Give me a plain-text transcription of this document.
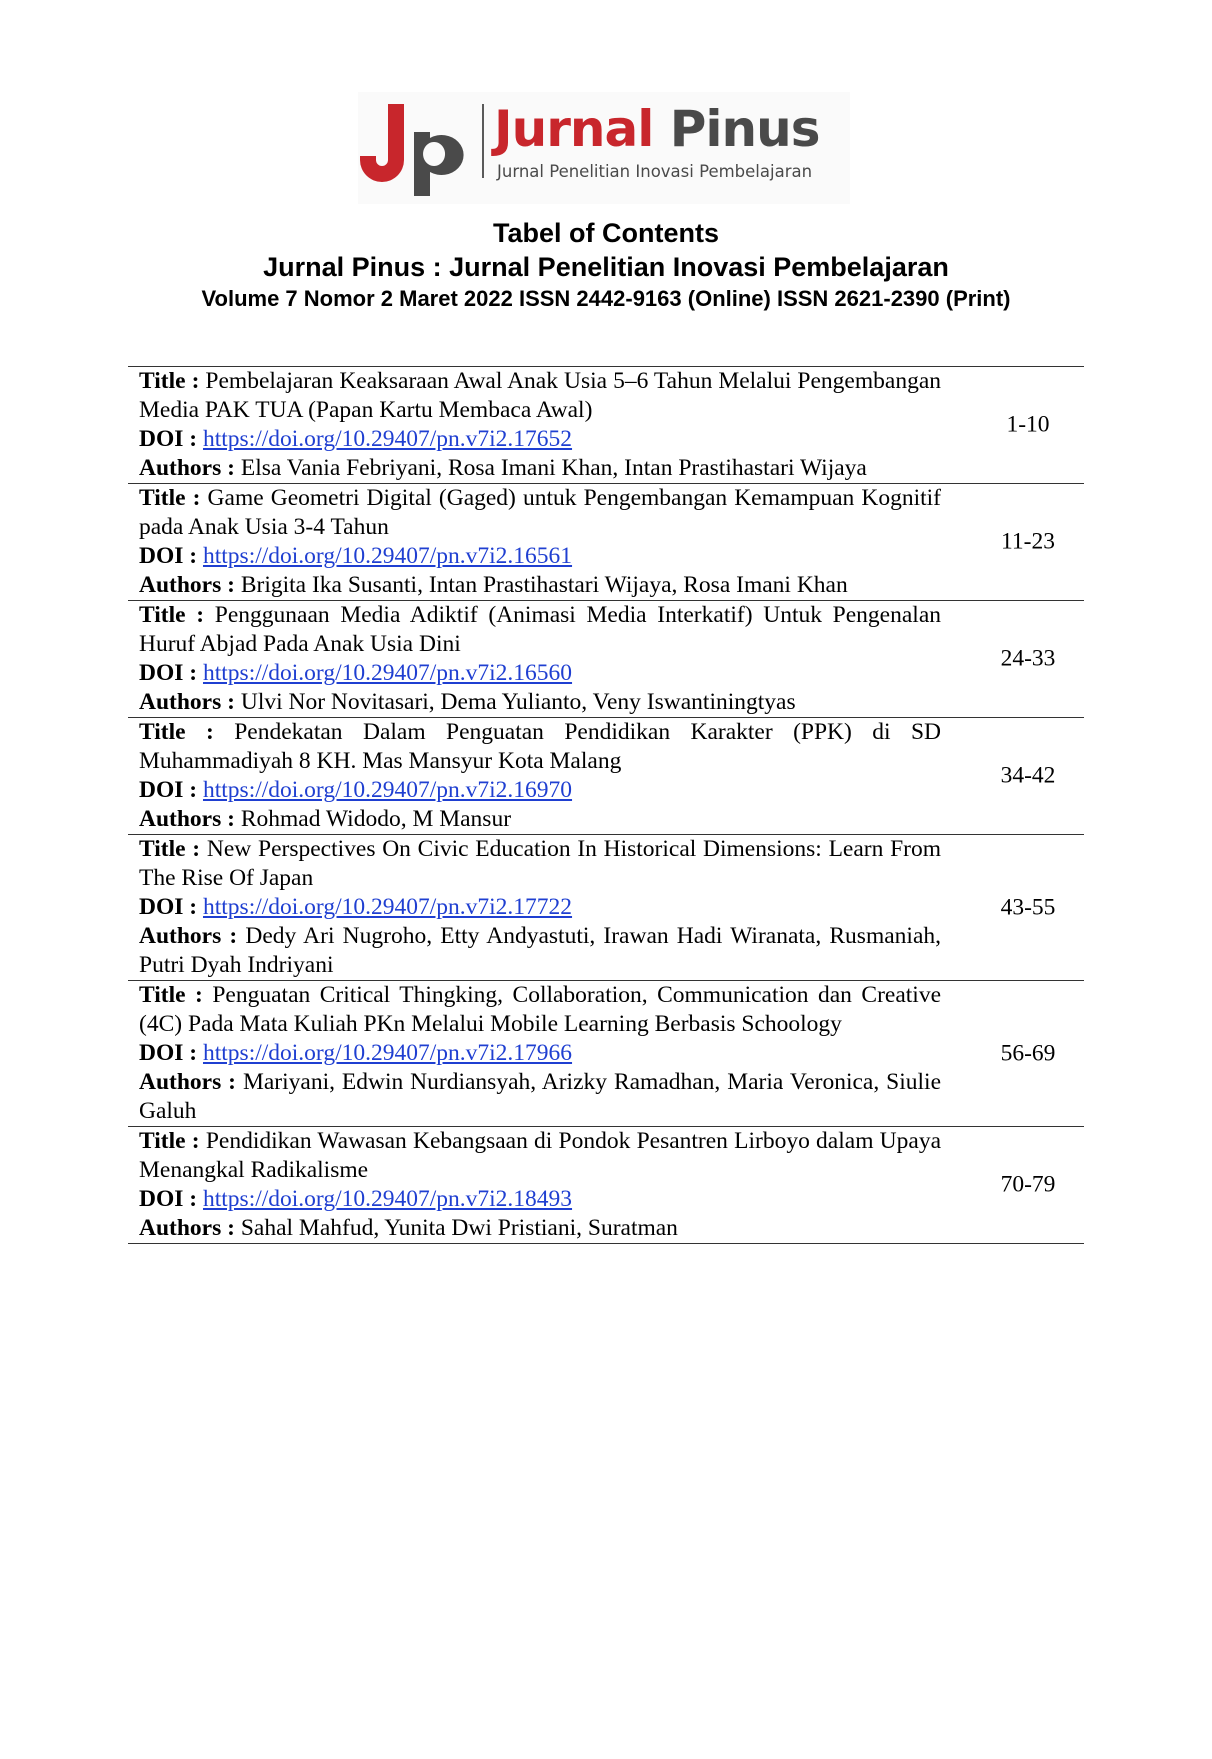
Jurnal Pinus
Jurnal Penelitian Inovasi Pembelajaran
Tabel of Contents
Jurnal Pinus : Jurnal Penelitian Inovasi Pembelajaran
Volume 7 Nomor 2 Maret 2022 ISSN 2442-9163 (Online) ISSN 2621-2390 (Print)

Title : Pembelajaran Keaksaraan Awal Anak Usia 5–6 Tahun Melalui Pengembangan Media PAK TUA (Papan Kartu Membaca Awal)

DOI : https://doi.org/10.29407/pn.v7i2.17652

Authors : Elsa Vania Febriyani, Rosa Imani Khan, Intan Prastihastari Wijaya

1-10

Title : Game Geometri Digital (Gaged) untuk Pengembangan Kemampuan Kognitif pada Anak Usia 3-4 Tahun

DOI : https://doi.org/10.29407/pn.v7i2.16561

Authors : Brigita Ika Susanti, Intan Prastihastari Wijaya, Rosa Imani Khan

11-23

Title : Penggunaan Media Adiktif (Animasi Media Interkatif) Untuk Pengenalan Huruf Abjad Pada Anak Usia Dini

DOI : https://doi.org/10.29407/pn.v7i2.16560

Authors : Ulvi Nor Novitasari, Dema Yulianto, Veny Iswantiningtyas

24-33

Title : Pendekatan Dalam Penguatan Pendidikan Karakter (PPK) di SD Muhammadiyah 8 KH. Mas Mansyur Kota Malang

DOI : https://doi.org/10.29407/pn.v7i2.16970

Authors : Rohmad Widodo, M Mansur

34-42

Title : New Perspectives On Civic Education In Historical Dimensions: Learn From The Rise Of Japan

DOI : https://doi.org/10.29407/pn.v7i2.17722

Authors : Dedy Ari Nugroho, Etty Andyastuti, Irawan Hadi Wiranata, Rusmaniah, Putri Dyah Indriyani

43-55

Title : Penguatan Critical Thingking, Collaboration, Communication dan Creative (4C) Pada Mata Kuliah PKn Melalui Mobile Learning Berbasis Schoology

DOI : https://doi.org/10.29407/pn.v7i2.17966

Authors : Mariyani, Edwin Nurdiansyah, Arizky Ramadhan, Maria Veronica, Siulie Galuh

56-69

Title : Pendidikan Wawasan Kebangsaan di Pondok Pesantren Lirboyo dalam Upaya Menangkal Radikalisme

DOI : https://doi.org/10.29407/pn.v7i2.18493

Authors : Sahal Mahfud, Yunita Dwi Pristiani, Suratman

70-79
